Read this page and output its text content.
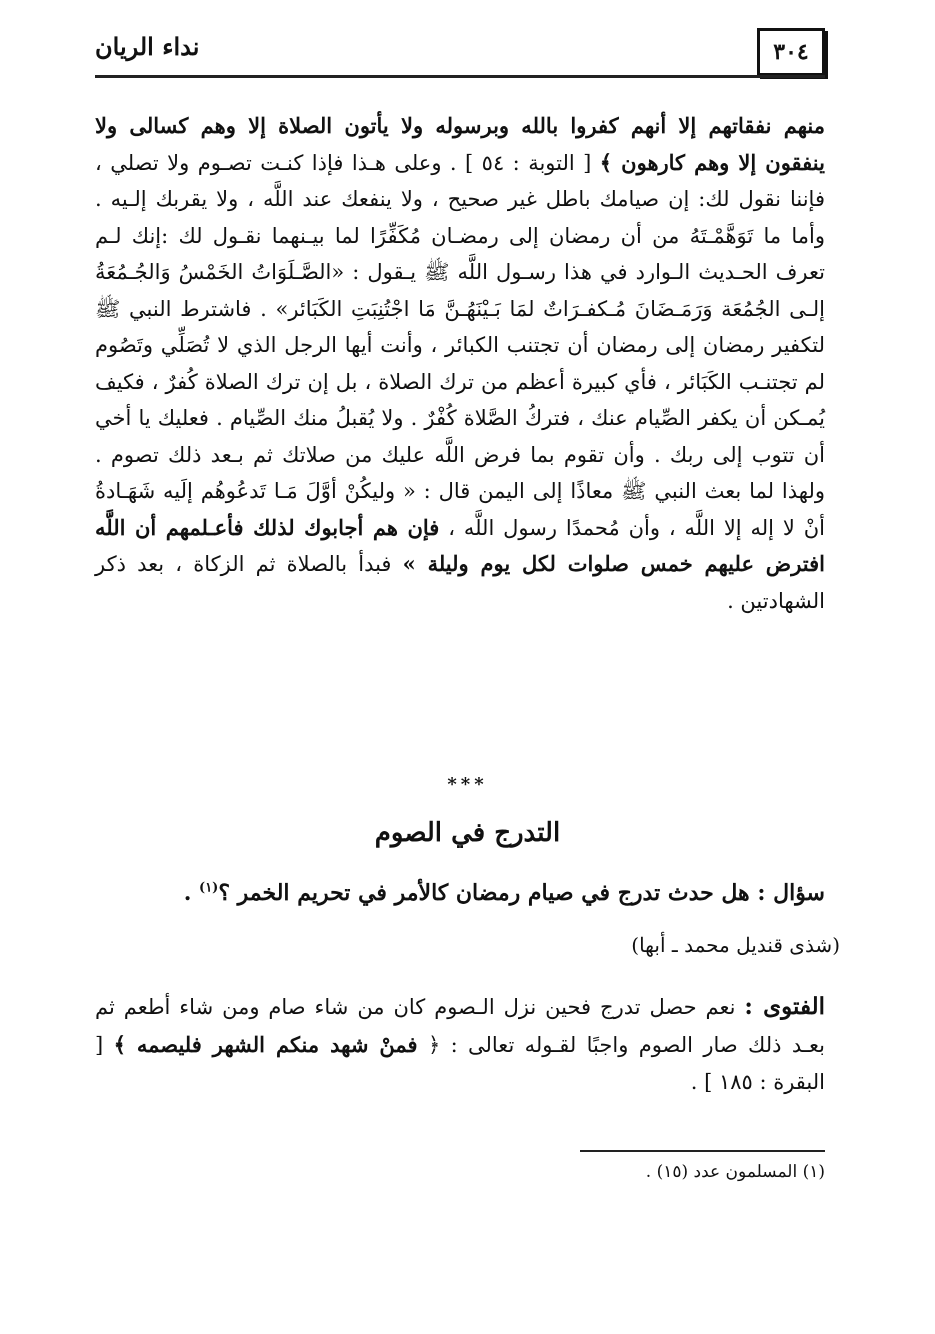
نداء الريان	٣٠٤

منهم نفقاتهم إلا أنهم كفروا بالله وبرسوله ولا يأتون الصلاة إلا وهم كسالى ولا ينفقون إلا وهم كارهون ﴾ [ التوبة : ٥٤ ] . وعلى هـذا فإذا كنـت تصـوم ولا تصلي ، فإننا نقول لك: إن صيامك باطل غير صحيح ، ولا ينفعك عند اللَّه ، ولا يقربك إلـيه . وأما ما تَوَهَّمْـتَهُ من أن رمضان إلى رمضـان مُكَفِّرًا لما بيـنهما نقـول لك :إنك لـم تعرف الحـديث الـوارد في هذا رسـول اللَّه ﷺ يـقول : «الصَّـلَوَاتُ الخَمْسُ وَالجُـمُعَةُ إلـى الجُمُعَة وَرَمَـضَانَ مُـكفـرَاتٌ لمَا بَـيْنَهُـنَّ مَا اجْتُنِبَتِ الكَبَائر» . فاشترط النبي ﷺ لتكفير رمضان إلى رمضان أن تجتنب الكبائر ، وأنت أيها الرجل الذي لا تُصَلِّي وتَصُوم لم تجتنـب الكَبَائر ، فأي كبيرة أعظم من ترك الصلاة ، بل إن ترك الصلاة كُفرٌ ، فكيف يُمـكن أن يكفر الصِّيام عنك ، فتركُ الصَّلاة كُفْرٌ . ولا يُقبلُ منك الصِّيام . فعليك يا أخي أن تتوب إلى ربك . وأن تقوم بما فرض اللَّه عليك من صلاتك ثم بـعد ذلك تصوم . ولهذا لما بعث النبي ﷺ معاذًا إلى اليمن قال : « وليكُنْ أوَّلَ مَـا تَدعُوهُم إلَيه شَهَـادةُ أنْ لا إله إلا اللَّه ، وأن مُحمدًا رسول اللَّه ، فإن هم أجابوك لذلك فأعـلمهم أن اللَّه افترض عليهم خمس صلوات لكل يوم وليلة » فبدأ بالصلاة ثم الزكاة ، بعد ذكر الشهادتين .

***
التدرج في الصوم
سؤال : هل حدث تدرج في صيام رمضان كالأمر في تحريم الخمر ؟$^{(١)}$ .
(شذى قنديل محمد ـ أبها)

الفتوى : نعم حصل تدرج فحين نزل الـصوم كان من شاء صام ومن شاء أطعم ثم بعـد ذلك صار الصوم واجبًا لقـوله تعالى : ﴿ فمنْ شهد منكم الشهر فليصمه ﴾ [ البقرة : ١٨٥ ] .

(١) المسلمون عدد (١٥) .
